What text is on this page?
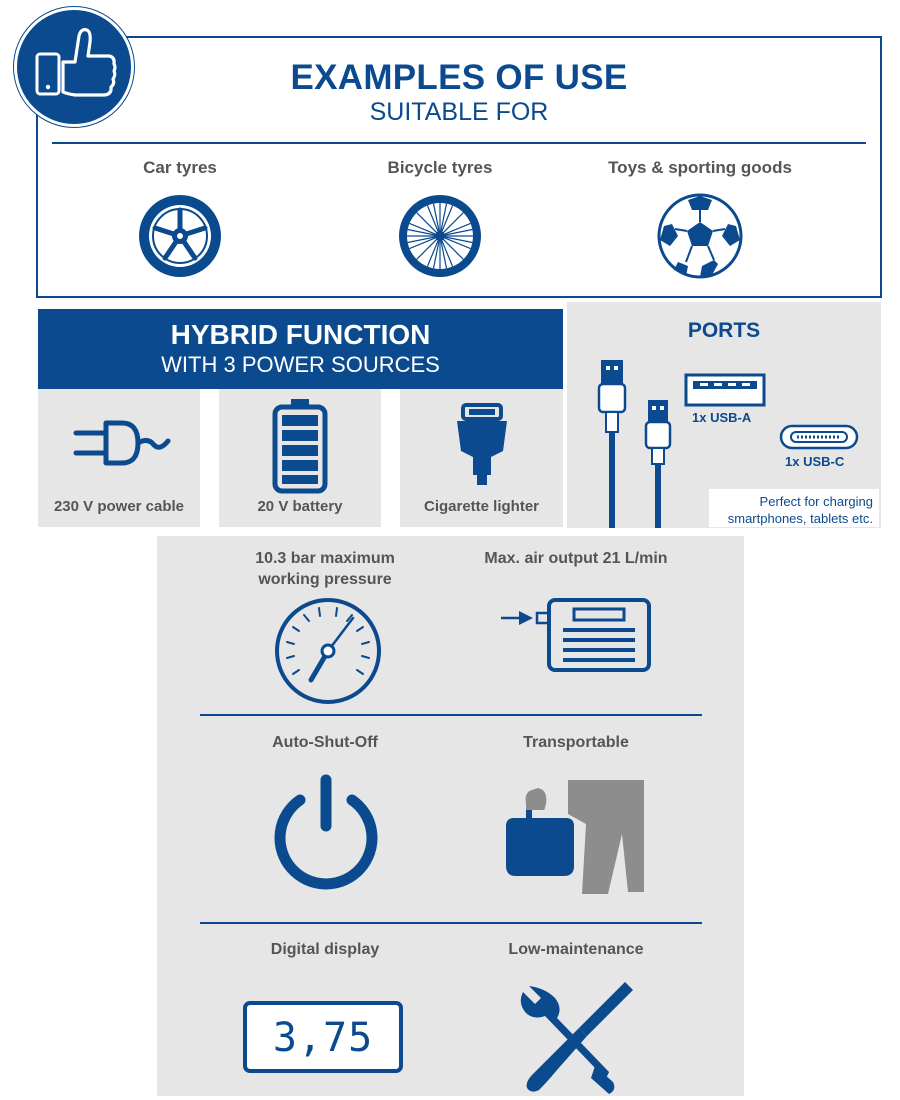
EXAMPLES OF USE
SUITABLE FOR
Car tyres	Bicycle tyres	Toys & sporting goods
HYBRID FUNCTION
WITH 3 POWER SOURCES
230 V power cable	20 V battery	Cigarette lighter
PORTS
1x USB-A
1x USB-C
Perfect for charging
smartphones, tablets etc.
10.3 bar maximum
working pressure
Max. air output 21 L/min
Auto-Shut-Off	Transportable
Digital display
3,75
Low-maintenance
